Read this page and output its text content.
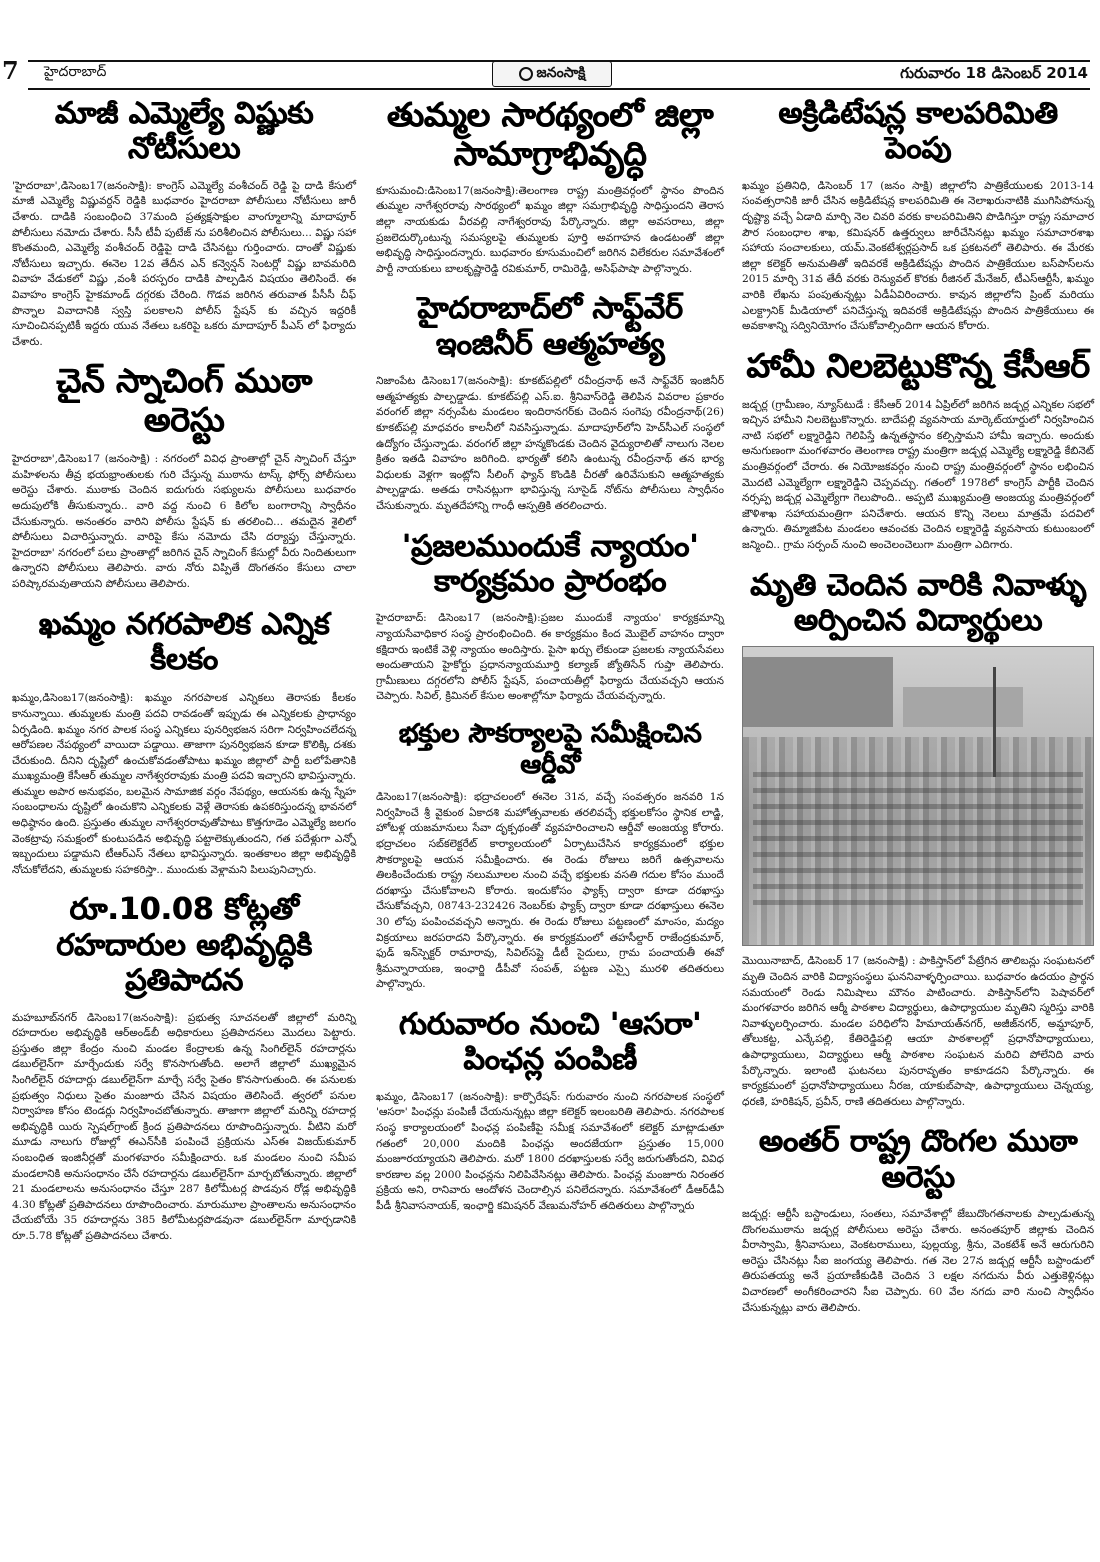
7 హైదరాబాద్	జనంసాక్షి	గురువారం 18 డిసెంబర్ 2014
మాజీ ఎమ్మెల్యే విష్ణుకు నోటీసులు

'హైదరాబా',డిసెంబ17(జనంసాక్షి): కాంగ్రెస్ ఎమ్మెల్యే వంశీచంద్ రెడ్డి పై దాడి కేసులో మాజీ ఎమ్మెల్యే విష్ణువర్దన్ రెడ్డికి బుధవారం హైదరాబా పోలీసులు నోటీసులు జారీ చేశారు. దాడికి సంబంధించి 37మంది ప్రత్యక్షసాక్షుల వాంగ్మూలాన్ని మాదాపూర్ పోలీసులు నమోదు చేశారు. సీసీ టీవీ పుటేజ్ ను పరిశీలించిన పోలీసులు... విష్ణు సహా కొంతమంది, ఎమ్మెల్యే వంశీచంద్ రెడ్డిపై దాడి చేసినట్టు గుర్తించారు. దాంతో విష్ణుకు నోటీసులు ఇచ్చారు. ఈనెల 12వ తేదీన ఎన్ కన్వెన్షన్ సెంటర్లో విష్ణు బావమరిది వివాహ వేడుకలో విష్ణు ,వంశీ పరస్పరం దాడికి పాల్పడిన విషయం తెలిసిందే. ఈ వివాహం కాంగ్రెస్ హైకమాండ్ దగ్గరకు చేరింది. గొడవ జరిగిన తరువాత పీసీసీ చీఫ్ పొన్నాల వివాదానికి స్వస్తి పలకాలని పోలీస్ స్టేషన్ కు వచ్చిన ఇద్దరికీ సూచించినప్పటికీ ఇద్దరు యువ నేతలు ఒకరిపై ఒకరు మాదాపూర్ పీఎస్ లో ఫిర్యాదు చేశారు.

చైన్ స్నాచింగ్ ముఠా అరెస్టు

హైదరాబా',డిసెంబ17 (జనంసాక్షి) : నగరంలో వివిధ ప్రాంతాల్లో చైన్ స్నాచింగ్ చేస్తూ మహిళలను తీవ్ర భయభ్రాంతులకు గురి చేస్తున్న ముఠాను టాస్క్ ఫోర్స్ పోలీసులు అరెస్టు చేశారు. ముఠాకు చెందిన ఐదుగురు సభ్యులను పోలీసులు బుధవారం అదుపులోకి తీసుకున్నారు.. వారి వద్ద నుంచి 6 కిలోల బంగారాన్ని స్వాధీనం చేసుకున్నారు. అనంతరం వారిని పోలీసు స్టేషన్ కు తరలించి... తమదైన శైలిలో పోలీసులు విచారిస్తున్నారు. వారిపై కేసు నమోదు చేసి దర్యాప్తు చేస్తున్నారు. హైదరాబా' నగరంలో పలు ప్రాంతాల్లో జరిగిన చైన్ స్నాచింగ్ కేసుల్లో వీరు నిందితులుగా ఉన్నారని పోలీసులు తెలిపారు. వారు నోరు విప్పితే దొంగతనం కేసులు చాలా పరిష్కారమవుతాయని పోలీసులు తెలిపారు.

ఖమ్మం నగరపాలిక ఎన్నిక కీలకం

ఖమ్మం,డిసెంబ17(జనంసాక్షి): ఖమ్మం నగరపాలక ఎన్నికలు తెరాసకు కీలకం కానున్నాయి. తుమ్మలకు మంత్రి పదవి రావడంతో ఇప్పుడు ఈ ఎన్నికలకు ప్రాధాన్యం ఏర్పడింది. ఖమ్మం నగర పాలక సంస్థ ఎన్నికలు పునర్విభజన సరిగా నిర్వహించలేదన్న ఆరోపణల నేపథ్యంలో వాయిదా పడ్డాయి. తాజాగా పునర్విభజన కూడా కొలిక్కి దశకు చేరుకుంది. దీనిని దృష్టిలో ఉంచుకోవడంతోపాటు ఖమ్మం జిల్లాలో పార్టీ బలోపేతానికి ముఖ్యమంత్రి కేసీఆర్ తుమ్మల నాగేశ్వరరావుకు మంత్రి పదవి ఇచ్చారని భావిస్తున్నారు. తుమ్మల అపార అనుభవం, బలమైన సామాజిక వర్గం నేపథ్యం, ఆయనకు ఉన్న స్నేహ సంబంధాలను దృష్టిలో ఉంచుకొని ఎన్నికలకు వెళ్లే తెరాసకు ఉపకరిస్తుందన్న భావనలో అధిష్ఠానం ఉంది. ప్రస్తుతం తుమ్మల నాగేశ్వరరావుతోపాటు కొత్తగూడెం ఎమ్మెల్యే జలగం వెంకట్రావు సమక్షంలో కుంటుపడిన అభివృద్ధి పట్టాలెక్కుతుందని, గత పదేళ్లుగా ఎన్నో ఇబ్బందులు పడ్డామని టీఆర్ఎస్ నేతలు భావిస్తున్నారు. ఇంతకాలం జిల్లా అభివృద్ధికి నోచుకోలేదని, తుమ్మలకు సహకరిస్తా.. ముందుకు వెళ్లామని పిలుపునిచ్చారు.

రూ.10.08 కోట్లతో రహదారుల అభివృద్ధికి ప్రతిపాదన

మహబూబ్‌నగర్ డిసెంబ17(జనంసాక్షి): ప్రభుత్వ సూచనలతో జిల్లాలో మరిన్ని రహదారుల అభివృద్ధికి ఆర్‌అండ్‌బీ అధికారులు ప్రతిపాదనలు మొదలు పెట్టారు. ప్రస్తుతం జిల్లా కేంద్రం నుంచి మండల కేంద్రాలకు ఉన్న సింగిల్‌లైన్ రహదార్లను డబుల్‌లైన్‌గా మార్చేందుకు సర్వే కొనసాగుతోంది. అలాగే జిల్లాలో ముఖ్యమైన సింగిల్‌లైన్ రహదార్లు డబుల్‌లైన్‌గా మార్చే సర్వే సైతం కొనసాగుతుంది. ఈ పనులకు ప్రభుత్వం నిధులు సైతం మంజూరు చేసిన విషయం తెలిసిందే. త్వరలో పనుల నిర్వాహణ కోసం టెండర్లు నిర్వహించబోతున్నారు. తాజాగా జిల్లాలో మరిన్ని రహదార్ల అభివృద్ధికి యిరు స్పెషల్‌గ్రాంట్ క్రింద ప్రతిపాదనలు రూపొందిస్తున్నారు. వీటిని మరో మూడు నాలుగు రోజుల్లో ఈఎన్‌సీకి పంపించే ప్రక్రియను ఎస్‌ఈ విజయ్‌కుమార్ సంబంధిత ఇంజినీర్లతో మంగళవారం సమీక్షించారు. ఒక మండలం నుంచి సమీప మండలానికి అనుసంధానం చేసే రహదార్లను డబుల్‌లైన్‌గా మార్చబోతున్నారు. జిల్లాలో 21 మండలాలను అనుసంధానం చేస్తూ 287 కిలోమీటర్ల పొడవున రోడ్ల అభివృద్ధికి 4.30 కోట్లతో ప్రతిపాదనలు రూపొందించారు. మారుమూల ప్రాంతాలను అనుసంధానం చేయబోయే 35 రహదార్లను 385 కిలోమీటర్లపొడవునా డబుల్‌లైన్‌గా మార్చడానికి రూ.5.78 కోట్లతో ప్రతిపాదనలు చేశారు.

తుమ్మల సారథ్యంలో జిల్లా సామాగ్రాభివృద్ధి

కూసుమంచి:డిసెంబ17(జనంసాక్షి):తెలంగాణ రాష్ట్ర మంత్రివర్గంలో స్థానం పొందిన తుమ్మల నాగేశ్వరరావు సారథ్యంలో ఖమ్మం జిల్లా సమగ్రాభివృద్ధి సాధిస్తుందని తెరాస జిల్లా నాయకుడు వీరవల్లి నాగేశ్వరరావు పేర్కొన్నారు. జిల్లా అవసరాలు, జిల్లా ప్రజలెదుర్కొంటున్న సమస్యలపై తుమ్మలకు పూర్తి అవగాహన ఉండటంతో జిల్లా అభివృద్ధి సాధిస్తుందన్నారు. బుధవారం కూసుమంచిలో జరిగిన విలేకరుల సమావేశంలో పార్టీ నాయకులు బాలకృష్ణారెడ్డి రవికుమార్, రామిరెడ్డి, అసిఫ్‌పాషా పాల్గొన్నారు.

హైదరాబాద్‌లో సాఫ్ట్‌వేర్ ఇంజినీర్ ఆత్మహత్య

నిజాంపేట డిసెంబ17(జనంసాక్షి): కూకట్‌పల్లిలో రవీంద్రనాథ్ అనే సాఫ్ట్‌వేర్ ఇంజినీర్ ఆత్మహత్యకు పాల్పడ్డాడు. కూకట్‌పల్లి ఎస్.ఐ. శ్రీనివాస్‌రెడ్డి తెలిపిన వివరాల ప్రకారం వరంగల్ జిల్లా నర్సంపేట మండలం ఇందిరానగర్‌కు చెందిన సంగెపు రవీంద్రనాథ్(26) కూకట్‌పల్లి మాధవరం కాలనీలో నివసిస్తున్నాడు. మాదాపూర్‌లోని హెచ్‌సీఎల్ సంస్థలో ఉద్యోగం చేస్తున్నాడు. వరంగల్ జిల్లా హన్మకొండకు చెందిన వైద్యురాలితో నాలుగు నెలల క్రితం ఇతడి వివాహం జరిగింది. భార్యతో కలిసి ఉంటున్న రవీంద్రనాథ్ తన భార్య విధులకు వెళ్లగా ఇంట్లోని సీలింగ్ ఫ్యాన్ కొండికి చీరతో ఉరివేసుకుని ఆత్మహత్యకు పాల్పడ్డాడు. అతడు రాసినట్లుగా భావిస్తున్న సూసైడ్ నోట్‌ను పోలీసులు స్వాధీనం చేసుకున్నారు. మృతదేహాన్ని గాంధీ ఆస్పత్రికి తరలించారు.

'ప్రజలముందుకే న్యాయం' కార్యక్రమం ప్రారంభం

హైదరాబాద్: డిసెంబ17 (జనంసాక్షి):ప్రజల ముందుకే న్యాయం' కార్యక్రమాన్ని న్యాయసేవాధికార సంస్థ ప్రారంభించింది. ఈ కార్యక్రమం కింద మొబైల్ వాహనం ద్వారా కక్షిదారు ఇంటికే వెళ్లి న్యాయం అందిస్తారు. పైసా ఖర్చు లేకుండా ప్రజలకు న్యాయసేవలు అందుతాయని హైకోర్టు ప్రధానన్యాయమూర్తి కల్యాణ్ జ్యోతిసేన్ గుప్తా తెలిపారు. గ్రామీణులు దగ్గరలోని పోలీస్ స్టేషన్, పంచాయతీల్లో ఫిర్యాదు చేయవచ్చని ఆయన చెప్పారు. సివిల్, క్రిమినల్ కేసుల అంశాల్లోనూ ఫిర్యాదు చేయవచ్చన్నారు.

భక్తుల సౌకర్యాలపై సమీక్షించిన ఆర్డీవో

డిసెంబ17(జనంసాక్షి): భద్రాచలంలో ఈనెల 31న, వచ్చే సంవత్సరం జనవరి 1న నిర్వహించే శ్రీ వైకుంఠ ఏకాదశి మహోత్సవాలకు తరలివచ్చే భక్తులకోసం స్థానిక లాడ్జి, హోటళ్ల యజమానులు సేవా దృక్పథంతో వ్యవహరించాలని ఆర్డీవో అంజయ్య కోరారు. భద్రాచలం సబ్‌కలెక్టరేట్ కార్యాలయంలో ఏర్పాటుచేసిన కార్యక్రమంలో భక్తుల సౌకర్యాలపై ఆయన సమీక్షించారు. ఈ రెండు రోజులు జరిగే ఉత్సవాలను తిలకించేందుకు రాష్ట్ర నలుమూలల నుంచి వచ్చే భక్తులకు వసతి గదుల కోసం ముందే దరఖాస్తు చేసుకోవాలని కోరారు. ఇందుకోసం ఫ్యాక్స్ ద్వారా కూడా దరఖాస్తు చేసుకోవచ్చని, 08743-232426 నెంబర్‌కు ఫ్యాక్స్ ద్వారా కూడా దరఖాస్తులు ఈనెల 30 లోపు పంపించవచ్చని అన్నారు. ఈ రెండు రోజులు పట్టణంలో మాంసం, మద్యం విక్రయాలు జరపరాదని పేర్కొన్నారు. ఈ కార్యక్రమంలో తహసీల్దార్ రాజేంద్రకుమార్, ఫుడ్ ఇన్‌స్పెక్టర్ రామారావు, సివిల్‌సప్లై డీటీ సైదులు, గ్రామ పంచాయతీ ఈవో శ్రీమన్నారాయణ, ఇంఛార్జి డీపీవో సంపత్, పట్టణ ఎస్సై మురళి తదితరులు పాల్గొన్నారు.

గురువారం నుంచి 'ఆసరా' పింఛన్ల పంపిణీ

ఖమ్మం, డిసెంబ17 (జనంసాక్షి): కార్పొరేషన్: గురువారం నుంచి నగరపాలక సంస్థలో 'ఆసరా' పింఛన్లు పంపిణీ చేయనున్నట్లు జిల్లా కలెక్టర్ ఇలంబరితి తెలిపారు. నగరపాలక సంస్థ కార్యాలయంలో పింఛన్ల పంపిణీపై సమీక్ష సమావేశంలో కలెక్టర్ మాట్లాడుతూ గతంలో 20,000 మందికి పింఛన్లు అందజేయగా ప్రస్తుతం 15,000 మంజూరయ్యాయని తెలిపారు. మరో 1800 దరఖాస్తులకు సర్వే జరుగుతోందని, వివిధ కారణాల వల్ల 2000 పింఛన్లను నిలిపివేసినట్లు తెలిపారు. పింఛన్ల మంజూరు నిరంతర ప్రక్రియ అని, రానివారు ఆందోళన చెందాల్సిన పనిలేదన్నారు. సమావేశంలో డీఆర్‌డీఏ పీడీ శ్రీనివాసనాయక్, ఇంఛార్జి కమిషనర్ వేణుమనోహర్ తదితరులు పాల్గొన్నారు

అక్రిడిటేషన్ల కాలపరిమితి పెంపు

ఖమ్మం ప్రతినిధి, డిసెంబర్ 17 (జనం సాక్షి) జిల్లాలోని పాత్రికేయులకు 2013-14 సంవత్సరానికి జారీ చేసిన అక్రిడిటేషన్ల కాలపరిమితి ఈ నెలాఖరునాటికి ముగిసిపోనున్న దృష్ట్యా వచ్చే ఏడాది మార్చి నెల చివరి వరకు కాలపరిమితిని పొడిగిస్తూ రాష్ట్ర సమాచార పౌర సంబంధాల శాఖ, కమిషనర్ ఉత్తర్వులు జారీచేసినట్లు ఖమ్మం సమాచారశాఖ సహాయ సంచాలకులు, యమ్.వెంకటేశ్వర్లప్రసాద్ ఒక ప్రకటనలో తెలిపారు. ఈ మేరకు జిల్లా కలెక్టర్ అనుమతితో ఇదివరకే అక్రిడిటేషన్లు పొందిన పాత్రికేయుల బస్‌పాస్‌లను 2015 మార్చి 31వ తేదీ వరకు రెన్యువల్ కొరకు రీజినల్ మేనేజర్, టీఎస్‌ఆర్టీసీ, ఖమ్మం వారికి లేఖను పంపుతున్నట్లు ఏడీఏవిరించారు. కావున జిల్లాలోని ప్రింట్ మరియు ఎలక్ట్రానిక్ మీడియాలో పనిచేస్తున్న ఇదివరకే అక్రిడిటేషన్లు పొందిన పాత్రికేయులు ఈ అవకాశాన్ని సద్వినియోగం చేసుకోవాల్సిందిగా ఆయన కోరారు.

హామీ నిలబెట్టుకొన్న కేసీఆర్

జడ్చర్ల (గ్రామీణం, న్యూస్‌టుడే : కేసీఆర్ 2014 ఏప్రిల్‌లో జరిగిన జడ్చర్ల ఎన్నికల సభలో ఇచ్చిన హామీని నిలబెట్టుకొన్నారు. బాదేపల్లి వ్యవసాయ మార్కెట్‌యార్డులో నిర్వహించిన నాటి సభలో లక్ష్మారెడ్డిని గెలిపిస్తే ఉన్నతస్థానం కల్పిస్తామని హామీ ఇచ్చారు. అందుకు అనుగుణంగా మంగళవారం తెలంగాణ రాష్ట్ర మంత్రిగా జడ్చర్ల ఎమ్మెల్యే లక్ష్మారెడ్డి కేబినెట్ మంత్రివర్గంలో చేరారు. ఈ నియోజకవర్గం నుంచి రాష్ట్ర మంత్రివర్గంలో స్థానం లభించిన మొదటి ఎమ్మెల్యేగా లక్ష్మారెడ్డిని చెప్పవచ్చు. గతంలో 1978లో కాంగ్రెస్ పార్టీకి చెందిన నర్సప్ప జడ్చర్ల ఎమ్మెల్యేగా గెలుపొంది.. అప్పటి ముఖ్యమంత్రి అంజయ్య మంత్రివర్గంలో జౌళిశాఖ సహాయమంత్రిగా పనిచేశారు. ఆయన కొన్ని నెలలు మాత్రమే పదవిలో ఉన్నారు. తిమ్మాజిపేట మండలం ఆవంచకు చెందిన లక్ష్మారెడ్డి వ్యవసాయ కుటుంబంలో జన్మించి.. గ్రామ సర్పంచ్ నుంచి అంచెలంచెలుగా మంత్రిగా ఎదిగారు.

మృతి చెందిన వారికి నివాళ్ళు అర్పించిన విద్యార్థులు

మొయినాబాద్, డిసెంబర్ 17 (జనంసాక్షి) : పాకిస్తాన్‌లో పేట్రేగిన తాలిబన్లు సంఘటనలో మృతి చెందిన వారికి విద్యాసంస్థలు ఘననివాళ్ళర్పించాయి. బుధవారం ఉదయం ప్రార్థన సమయంలో రెండు నిమిషాలు మౌనం పాటించారు. పాకిస్తాన్‌లోని పెషావర్‌లో మంగళవారం జరిగిన ఆర్మీ పాఠశాల విద్యార్థులు, ఉపాధ్యాయుల మృతిని స్మరిస్తు వారికి నివాళ్ళులర్పించారు. మండల పరిధిలోని హిమాయత్‌నగర్, అజీజ్‌నగర్, అమ్డాపూర్, తోలుకట్ట, ఎన్కేపల్లి, కేతిరెడ్డిపల్లి ఆయా పాఠశాలల్లో ప్రధానోపాధ్యాయులు, ఉపాధ్యాయులు, విద్యార్థులు ఆర్మీ పాఠశాల సంఘటన మరిచి పోలేనిది వారు పేర్కొన్నారు. ఇలాంటి ఘటనలు పునరావృతం కాకూడదని పేర్కొన్నారు. ఈ కార్యక్రమంలో ప్రధానోపాధ్యాయులు నీరజ, యాకుబ్‌పాషా, ఉపాధ్యాయులు చెన్నయ్య, ధరణి, హరికిషన్, ప్రవీన్, రాణి తదితరులు పాల్గొన్నారు.

అంతర్ రాష్ట్ర దొంగల ముఠా అరెస్టు

జడ్చర్ల: ఆర్టీసీ బస్టాండులు, సంతలు, సమావేశాల్లో జేబుదొంగతనాలకు పాల్పడుతున్న దొంగలముఠాను జడ్చర్ల పోలీసులు అరెస్టు చేశారు. అనంతపూర్ జిల్లాకు చెందిన వీరాస్వామి, శ్రీనివాసులు, వెంకటరాములు, పుల్లయ్య, శ్రీను, వెంకటేశ్ అనే ఆరుగురిని అరెస్టు చేసినట్లు సీఐ జంగయ్య తెలిపారు. గత నెల 27న జడ్చర్ల ఆర్టీసీ బస్టాండులో తిరుపతయ్య అనే ప్రయాణీకుడికి చెందిన 3 లక్షల నగదును వీరు ఎత్తుకెళ్లినట్లు విచారణలో అంగీకరించారని సీఐ చెప్పారు. 60 వేల నగదు వారి నుంచి స్వాధీనం చేసుకున్నట్లు వారు తెలిపారు.
